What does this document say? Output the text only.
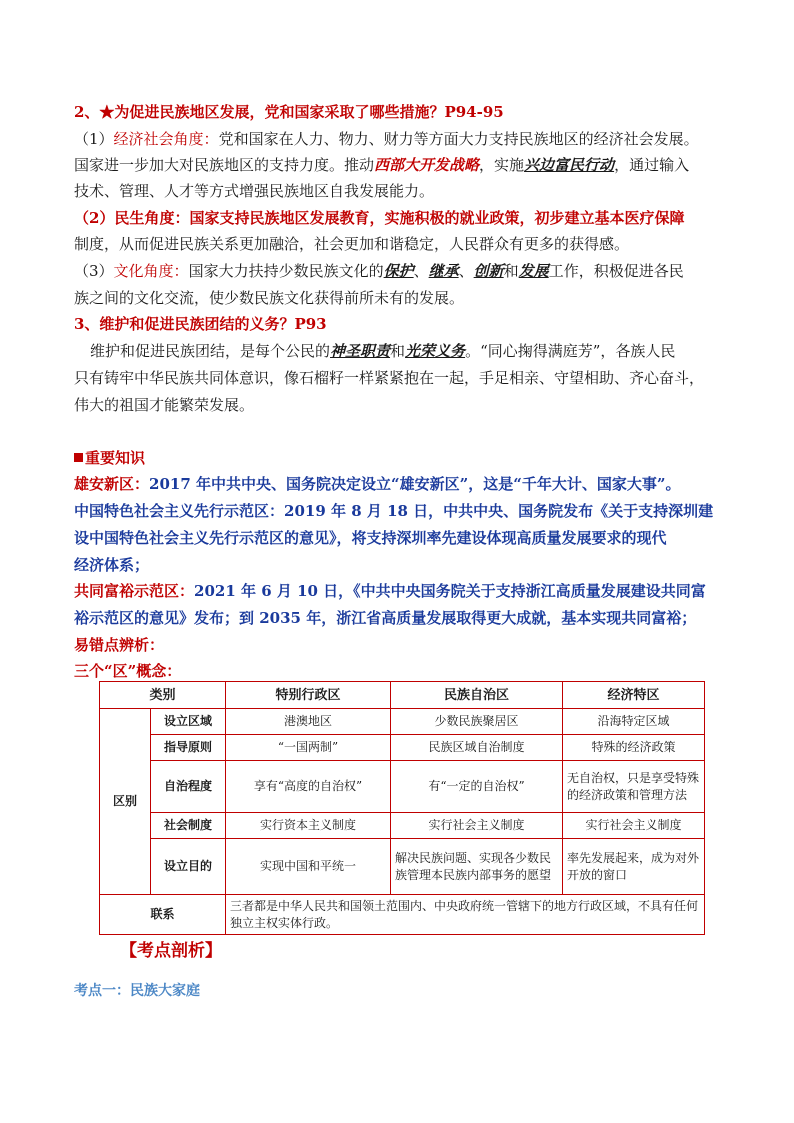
2、★为促进民族地区发展，党和国家采取了哪些措施？P94-95
（1）经济社会角度：党和国家在人力、物力、财力等方面大力支持民族地区的经济社会发展。
国家进一步加大对民族地区的支持力度。推动西部大开发战略，实施兴边富民行动，通过输入
技术、管理、人才等方式增强民族地区自我发展能力。
（2）民生角度：国家支持民族地区发展教育，实施积极的就业政策，初步建立基本医疗保障
制度，从而促进民族关系更加融洽，社会更加和谐稳定，人民群众有更多的获得感。
（3）文化角度：国家大力扶持少数民族文化的保护、继承、创新和发展工作，积极促进各民
族之间的文化交流，使少数民族文化获得前所未有的发展。
3、维护和促进民族团结的义务？P93
维护和促进民族团结，是每个公民的神圣职责和光荣义务。“同心掬得满庭芳”，各族人民
只有铸牢中华民族共同体意识，像石榴籽一样紧紧抱在一起，手足相亲、守望相助、齐心奋斗，
伟大的祖国才能繁荣发展。
重要知识
雄安新区：2017 年中共中央、国务院决定设立“雄安新区”，这是“千年大计、国家大事”。
中国特色社会主义先行示范区：2019 年 8 月 18 日，中共中央、国务院发布《关于支持深圳建
设中国特色社会主义先行示范区的意见》，将支持深圳率先建设体现高质量发展要求的现代
经济体系；
共同富裕示范区：2021 年 6 月 10 日，《中共中央国务院关于支持浙江高质量发展建设共同富
裕示范区的意见》发布；到 2035 年，浙江省高质量发展取得更大成就，基本实现共同富裕；
易错点辨析：
三个“区”概念：
类别		特别行政区	民族自治区	经济特区
区别	设立区域	港澳地区	少数民族聚居区	沿海特定区域
	指导原则	“一国两制”	民族区域自治制度	特殊的经济政策
	自治程度	享有“高度的自治权”	有“一定的自治权”	无自治权，只是享受特殊的经济政策和管理方法
	社会制度	实行资本主义制度	实行社会主义制度	实行社会主义制度
	设立目的	实现中国和平统一	解决民族问题、实现各少数民族管理本民族内部事务的愿望	率先发展起来，成为对外开放的窗口
联系		三者都是中华人民共和国领土范围内、中央政府统一管辖下的地方行政区域，不具有任何独立主权实体行政。		
【考点剖析】
考点一：民族大家庭
